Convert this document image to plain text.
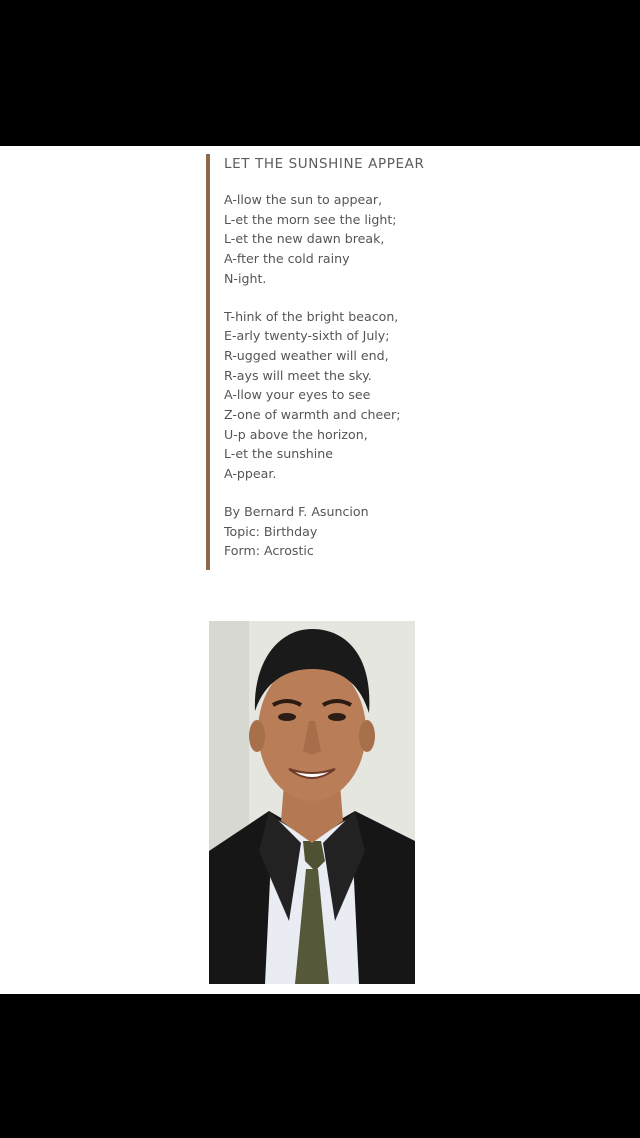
LET THE SUNSHINE APPEAR
A-llow the sun to appear,
L-et the morn see the light;
L-et the new dawn break,
A-fter the cold rainy
N-ight.
T-hink of the bright beacon,
E-arly twenty-sixth of July;
R-ugged weather will end,
R-ays will meet the sky.
A-llow your eyes to see
Z-one of warmth and cheer;
U-p above the horizon,
L-et the sunshine
A-ppear.
By Bernard F. Asuncion
Topic: Birthday
Form: Acrostic
